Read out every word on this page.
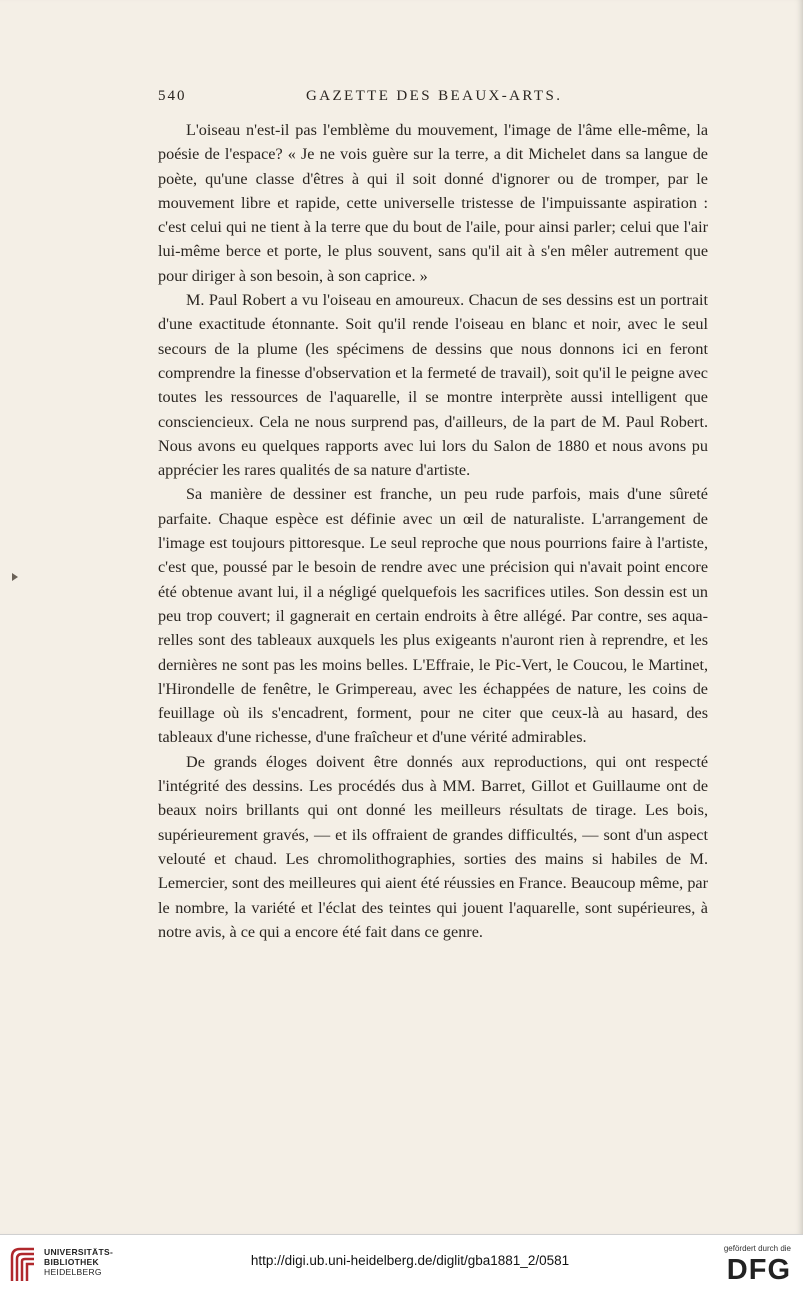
540	GAZETTE DES BEAUX-ARTS.

L'oiseau n'est-il pas l'emblème du mouvement, l'image de l'âme elle-même, la poésie de l'espace? « Je ne vois guère sur la terre, a dit Michelet dans sa langue de poète, qu'une classe d'êtres à qui il soit donné d'ignorer ou de tromper, par le mouvement libre et rapide, cette universelle tristesse de l'impuissante aspiration : c'est celui qui ne tient à la terre que du bout de l'aile, pour ainsi parler; celui que l'air lui-même berce et porte, le plus souvent, sans qu'il ait à s'en mêler autrement que pour diriger à son besoin, à son caprice. »

M. Paul Robert a vu l'oiseau en amoureux. Chacun de ses dessins est un portrait d'une exactitude étonnante. Soit qu'il rende l'oiseau en blanc et noir, avec le seul secours de la plume (les spécimens de dessins que nous donnons ici en feront comprendre la finesse d'observation et la fermeté de travail), soit qu'il le peigne avec toutes les ressources de l'aquarelle, il se montre interprète aussi intelligent que consciencieux. Cela ne nous surprend pas, d'ailleurs, de la part de M. Paul Robert. Nous avons eu quelques rapports avec lui lors du Salon de 1880 et nous avons pu apprécier les rares qualités de sa nature d'artiste.

Sa manière de dessiner est franche, un peu rude parfois, mais d'une sûreté parfaite. Chaque espèce est définie avec un œil de naturaliste. L'arrangement de l'image est toujours pittoresque. Le seul reproche que nous pourrions faire à l'artiste, c'est que, poussé par le besoin de rendre avec une précision qui n'avait point encore été obtenue avant lui, il a négligé quelquefois les sacrifices utiles. Son dessin est un peu trop couvert; il gagnerait en certain endroits à être allégé. Par contre, ses aquarelles sont des tableaux auxquels les plus exigeants n'auront rien à reprendre, et les dernières ne sont pas les moins belles. L'Effraie, le Pic-Vert, le Coucou, le Martinet, l'Hirondelle de fenêtre, le Grimpereau, avec les échappées de nature, les coins de feuillage où ils s'encadrent, forment, pour ne citer que ceux-là au hasard, des tableaux d'une richesse, d'une fraîcheur et d'une vérité admirables.

De grands éloges doivent être donnés aux reproductions, qui ont respecté l'intégrité des dessins. Les procédés dus à MM. Barret, Gillot et Guillaume ont de beaux noirs brillants qui ont donné les meilleurs résultats de tirage. Les bois, supérieurement gravés, — et ils offraient de grandes difficultés, — sont d'un aspect velouté et chaud. Les chromolithographies, sorties des mains si habiles de M. Lemercier, sont des meilleures qui aient été réussies en France. Beaucoup même, par le nombre, la variété et l'éclat des teintes qui jouent l'aquarelle, sont supérieures, à notre avis, à ce qui a encore été fait dans ce genre.

UNIVERSITÄTS-
BIBLIOTHEK
HEIDELBERG
http://digi.ub.uni-heidelberg.de/diglit/gba1881_2/0581
gefördert durch die
DFG
